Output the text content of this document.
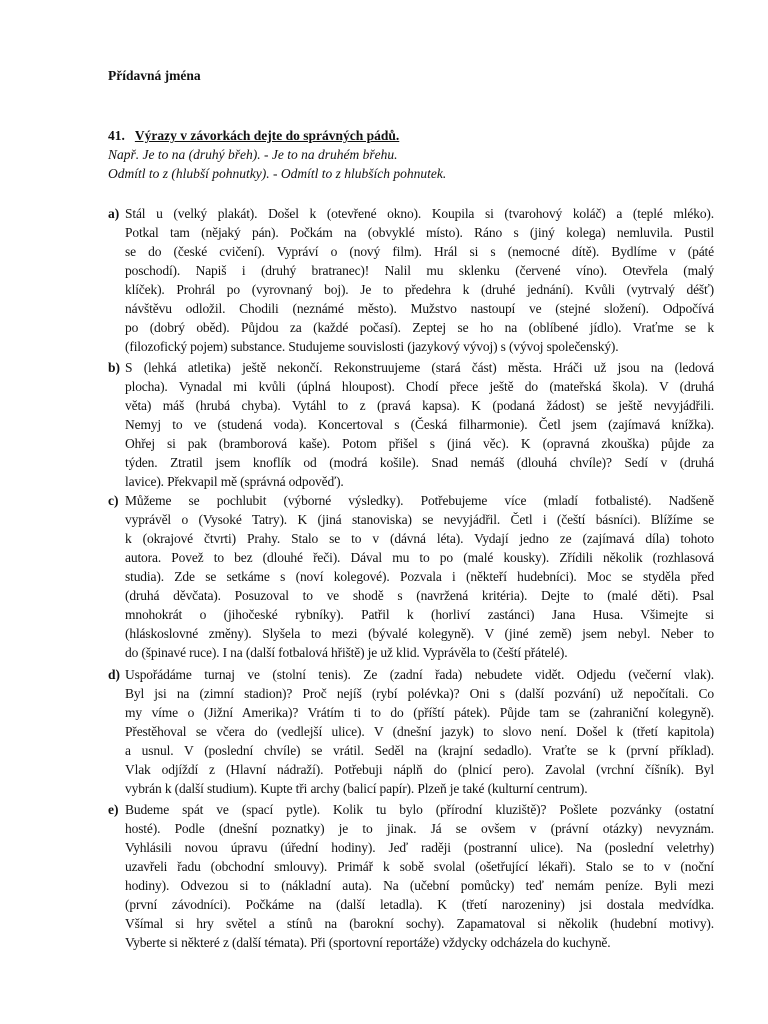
Přídavná jména
41. Výrazy v závorkách dejte do správných pádů.
Např. Je to na (druhý břeh). - Je to na druhém břehu.
Odmítl to z (hlubší pohnutky). - Odmítl to z hlubších pohnutek.
a) Stál u (velký plakát). Došel k (otevřené okno). Koupila si (tvarohový koláč) a (teplé mléko).
Potkal tam (nějaký pán). Počkám na (obvyklé místo). Ráno s (jiný kolega) nemluvila. Pustil
se do (české cvičení). Vypráví o (nový film). Hrál si s (nemocné dítě). Bydlíme v (páté
poschodí). Napiš i (druhý bratranec)! Nalil mu sklenku (červené víno). Otevřela (malý
klíček). Prohrál po (vyrovnaný boj). Je to předehra k (druhé jednání). Kvůli (vytrvalý déšť)
návštěvu odložil. Chodili (neznámé město). Mužstvo nastoupí ve (stejné složení). Odpočívá
po (dobrý oběd). Půjdou za (každé počasí). Zeptej se ho na (oblíbené jídlo). Vraťme se k
(filozofický pojem) substance. Studujeme souvislosti (jazykový vývoj) s (vývoj společenský).
b) S (lehká atletika) ještě nekončí. Rekonstruujeme (stará část) města. Hráči už jsou na (ledová
plocha). Vynadal mi kvůli (úplná hloupost). Chodí přece ještě do (mateřská škola). V (druhá
věta) máš (hrubá chyba). Vytáhl to z (pravá kapsa). K (podaná žádost) se ještě nevyjádřili.
Nemyj to ve (studená voda). Koncertoval s (Česká filharmonie). Četl jsem (zajímavá knížka).
Ohřej si pak (bramborová kaše). Potom přišel s (jiná věc). K (opravná zkouška) půjde za
týden. Ztratil jsem knoflík od (modrá košile). Snad nemáš (dlouhá chvíle)? Sedí v (druhá
lavice). Překvapil mě (správná odpověď).
c) Můžeme se pochlubit (výborné výsledky). Potřebujeme více (mladí fotbalisté). Nadšeně
vyprávěl o (Vysoké Tatry). K (jiná stanoviska) se nevyjádřil. Četl i (čeští básníci). Blížíme se
k (okrajové čtvrti) Prahy. Stalo se to v (dávná léta). Vydají jedno ze (zajímavá díla) tohoto
autora. Povež to bez (dlouhé řeči). Dával mu to po (malé kousky). Zřídili několik (rozhlasová
studia). Zde se setkáme s (noví kolegové). Pozvala i (někteří hudebníci). Moc se styděla před
(druhá děvčata). Posuzoval to ve shodě s (navržená kritéria). Dejte to (malé děti). Psal
mnohokrát o (jihočeské rybníky). Patřil k (horliví zastánci) Jana Husa. Všimejte si
(hláskoslovné změny). Slyšela to mezi (bývalé kolegyně). V (jiné země) jsem nebyl. Neber to
do (špinavé ruce). I na (další fotbalová hřiště) je už klid. Vyprávěla to (čeští přátelé).
d) Uspořádáme turnaj ve (stolní tenis). Ze (zadní řada) nebudete vidět. Odjedu (večerní vlak).
Byl jsi na (zimní stadion)? Proč nejíš (rybí polévka)? Oni s (další pozvání) už nepočítali. Co
my víme o (Jižní Amerika)? Vrátím ti to do (příští pátek). Půjde tam se (zahraniční kolegyně).
Přestěhoval se včera do (vedlejší ulice). V (dnešní jazyk) to slovo není. Došel k (třetí kapitola)
a usnul. V (poslední chvíle) se vrátil. Seděl na (krajní sedadlo). Vraťte se k (první příklad).
Vlak odjíždí z (Hlavní nádraží). Potřebuji náplň do (plnicí pero). Zavolal (vrchní číšník). Byl
vybrán k (další studium). Kupte tři archy (balicí papír). Plzeň je také (kulturní centrum).
e) Budeme spát ve (spací pytle). Kolik tu bylo (přírodní kluziště)? Pošlete pozvánky (ostatní
hosté). Podle (dnešní poznatky) je to jinak. Já se ovšem v (právní otázky) nevyznám.
Vyhlásili novou úpravu (úřední hodiny). Jeď raději (postranní ulice). Na (poslední veletrhy)
uzavřeli řadu (obchodní smlouvy). Primář k sobě svolal (ošetřující lékaři). Stalo se to v (noční
hodiny). Odvezou si to (nákladní auta). Na (učební pomůcky) teď nemám peníze. Byli mezi
(první závodníci). Počkáme na (další letadla). K (třetí narozeniny) jsi dostala medvídka.
Všímal si hry světel a stínů na (barokní sochy). Zapamatoval si několik (hudební motivy).
Vyberte si některé z (další témata). Při (sportovní reportáže) vždycky odcházela do kuchyně.
